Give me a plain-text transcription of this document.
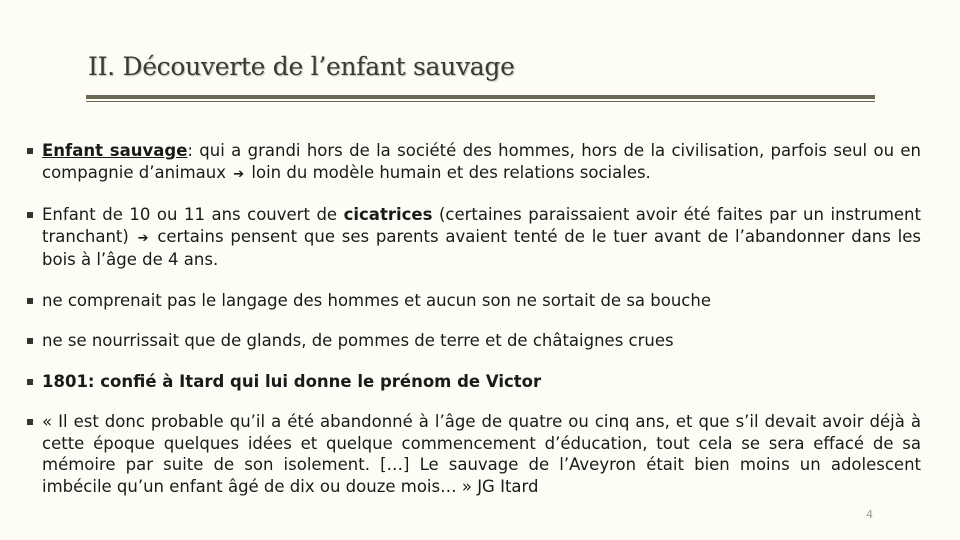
II. Découverte de l’enfant sauvage
Enfant sauvage: qui a grandi hors de la société des hommes, hors de la civilisation, parfois seul ou en compagnie d’animaux ➔ loin du modèle humain et des relations sociales.
Enfant de 10 ou 11 ans couvert de cicatrices (certaines paraissaient avoir été faites par un instrument tranchant) ➔ certains pensent que ses parents avaient tenté de le tuer avant de l’abandonner dans les bois à l’âge de 4 ans.
ne comprenait pas le langage des hommes et aucun son ne sortait de sa bouche
ne se nourrissait que de glands, de pommes de terre et de châtaignes crues
1801: confié à Itard qui lui donne le prénom de Victor
« Il est donc probable qu’il a été abandonné à l’âge de quatre ou cinq ans, et que s’il devait avoir déjà à cette époque quelques idées et quelque commencement d’éducation, tout cela se sera effacé de sa mémoire par suite de son isolement. […] Le sauvage de l’Aveyron était bien moins un adolescent imbécile qu’un enfant âgé de dix ou douze mois… » JG Itard
4
